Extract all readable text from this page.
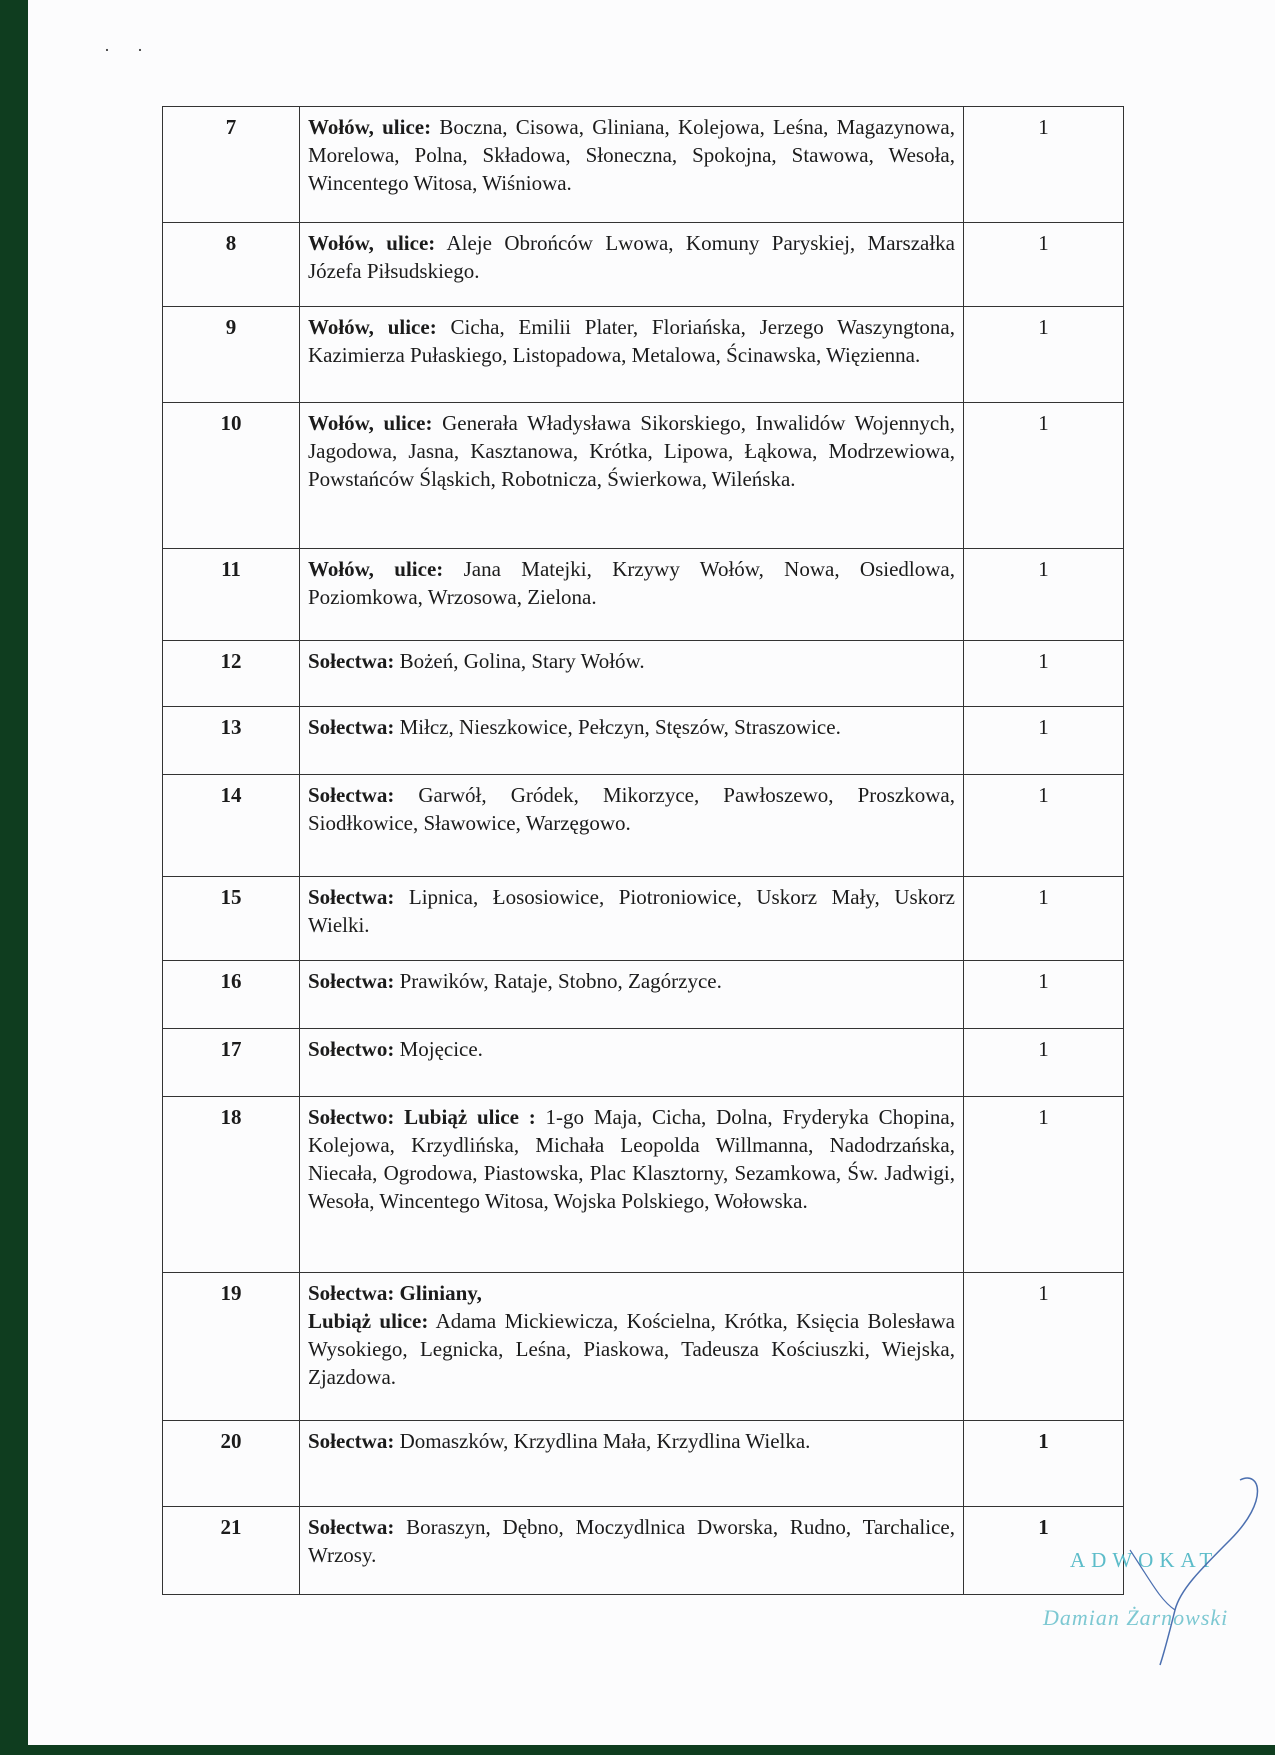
·      ·
7	Wołów, ulice: Boczna, Cisowa, Gliniana, Kolejowa, Leśna, Magazynowa, Morelowa, Polna, Składowa, Słoneczna, Spokojna, Stawowa, Wesoła, Wincentego Witosa, Wiśniowa.	1
8	Wołów, ulice: Aleje Obrońców Lwowa, Komuny Paryskiej, Marszałka Józefa Piłsudskiego.	1
9	Wołów, ulice: Cicha, Emilii Plater, Floriańska, Jerzego Waszyngtona, Kazimierza Pułaskiego, Listopadowa, Metalowa, Ścinawska, Więzienna.	1
10	Wołów, ulice: Generała Władysława Sikorskiego, Inwalidów Wojennych, Jagodowa, Jasna, Kasztanowa, Krótka, Lipowa, Łąkowa, Modrzewiowa, Powstańców Śląskich, Robotnicza, Świerkowa, Wileńska.	1
11	Wołów, ulice: Jana Matejki, Krzywy Wołów, Nowa, Osiedlowa, Poziomkowa, Wrzosowa, Zielona.	1
12	Sołectwa: Bożeń, Golina, Stary Wołów.	1
13	Sołectwa: Miłcz, Nieszkowice, Pełczyn, Stęszów, Straszowice.	1
14	Sołectwa: Garwół, Gródek, Mikorzyce, Pawłoszewo, Proszkowa, Siodłkowice, Sławowice, Warzęgowo.	1
15	Sołectwa: Lipnica, Łososiowice, Piotroniowice, Uskorz Mały, Uskorz Wielki.	1
16	Sołectwa: Prawików, Rataje, Stobno, Zagórzyce.	1
17	Sołectwo: Mojęcice.	1
18	Sołectwo: Lubiąż ulice : 1-go Maja, Cicha, Dolna, Fryderyka Chopina, Kolejowa, Krzydlińska, Michała Leopolda Willmanna, Nadodrzańska, Niecała, Ogrodowa, Piastowska, Plac Klasztorny, Sezamkowa, Św. Jadwigi, Wesoła, Wincentego Witosa, Wojska Polskiego, Wołowska.	1
19	Sołectwa: Gliniany,
Lubiąż ulice: Adama Mickiewicza, Kościelna, Krótka, Księcia Bolesława Wysokiego, Legnicka, Leśna, Piaskowa, Tadeusza Kościuszki, Wiejska, Zjazdowa.	1
20	Sołectwa: Domaszków, Krzydlina Mała, Krzydlina Wielka.	1
21	Sołectwa: Boraszyn, Dębno, Moczydlnica Dworska, Rudno, Tarchalice, Wrzosy.	1
ADWOKAT
Damian Żarnowski
